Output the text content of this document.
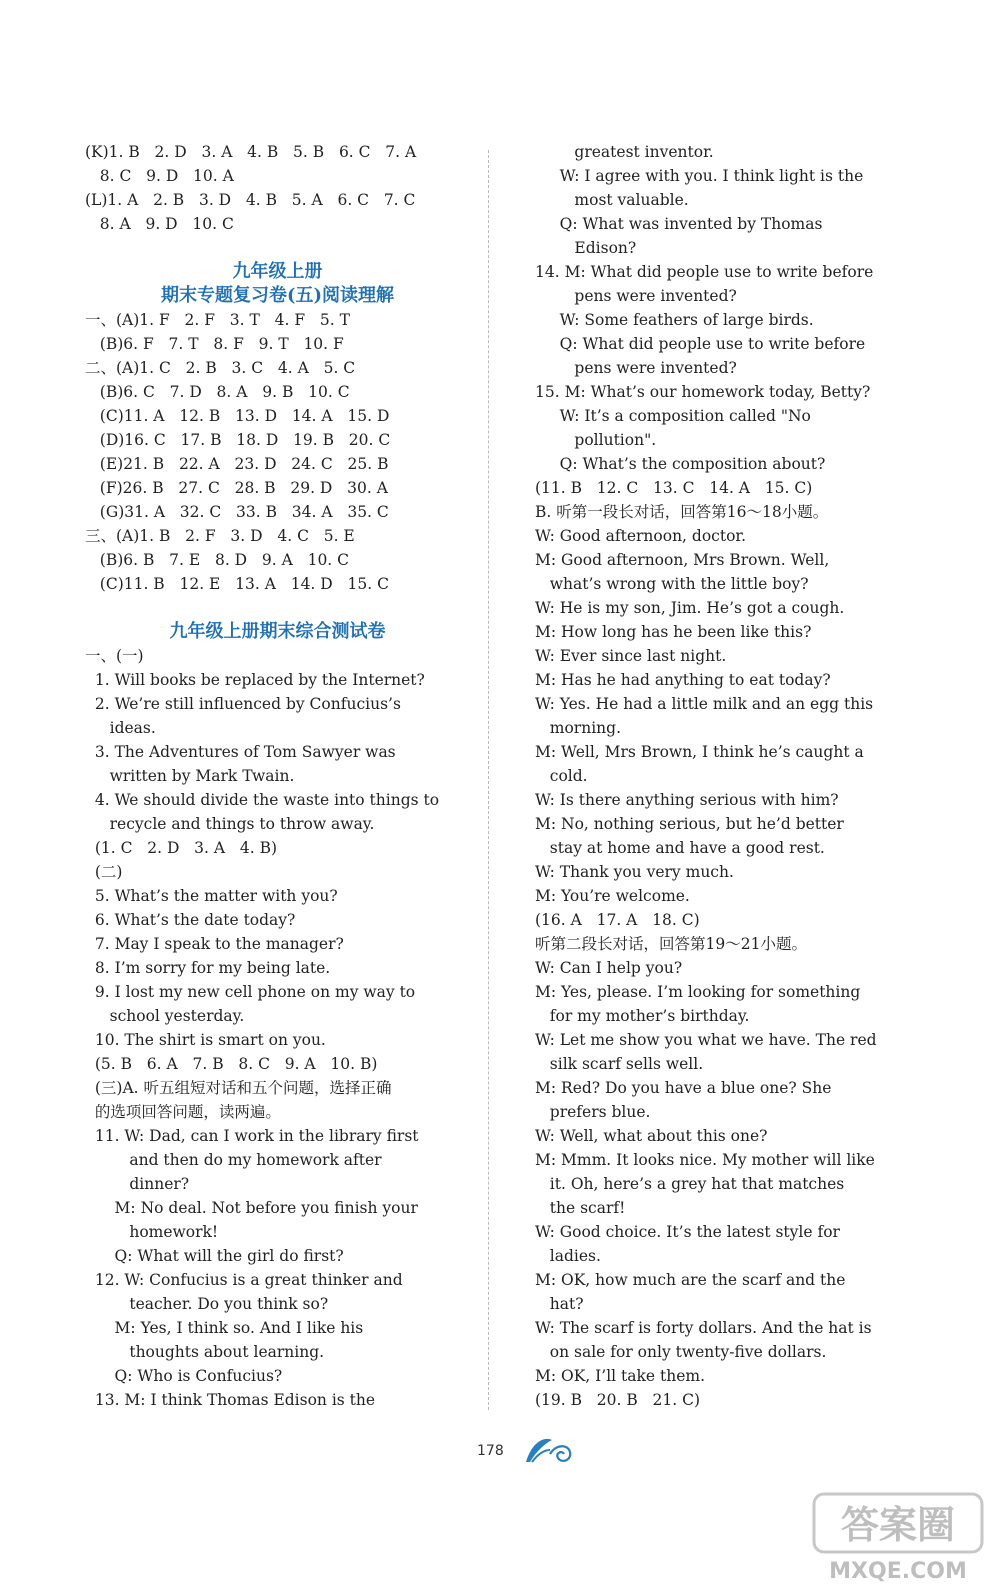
(K)1. B   2. D   3. A   4. B   5. B   6. C   7. A
8. C   9. D   10. A
(L)1. A   2. B   3. D   4. B   5. A   6. C   7. C
8. A   9. D   10. C
九年级上册
期末专题复习卷(五)阅读理解
一、(A)1. F   2. F   3. T   4. F   5. T
(B)6. F   7. T   8. F   9. T   10. F
二、(A)1. C   2. B   3. C   4. A   5. C
(B)6. C   7. D   8. A   9. B   10. C
(C)11. A   12. B   13. D   14. A   15. D
(D)16. C   17. B   18. D   19. B   20. C
(E)21. B   22. A   23. D   24. C   25. B
(F)26. B   27. C   28. B   29. D   30. A
(G)31. A   32. C   33. B   34. A   35. C
三、(A)1. B   2. F   3. D   4. C   5. E
(B)6. B   7. E   8. D   9. A   10. C
(C)11. B   12. E   13. A   14. D   15. C
九年级上册期末综合测试卷
一、(一)
1. Will books be replaced by the Internet?
2. We’re still influenced by Confucius’s
ideas.
3. The Adventures of Tom Sawyer was
written by Mark Twain.
4. We should divide the waste into things to
recycle and things to throw away.
(1. C   2. D   3. A   4. B)
(二)
5. What’s the matter with you?
6. What’s the date today?
7. May I speak to the manager?
8. I’m sorry for my being late.
9. I lost my new cell phone on my way to
school yesterday.
10. The shirt is smart on you.
(5. B   6. A   7. B   8. C   9. A   10. B)
(三)A. 听五组短对话和五个问题，选择正确
的选项回答问题，读两遍。
11. W: Dad, can I work in the library first
and then do my homework after
dinner?
M: No deal. Not before you finish your
homework!
Q: What will the girl do first?
12. W: Confucius is a great thinker and
teacher. Do you think so?
M: Yes, I think so. And I like his
thoughts about learning.
Q: Who is Confucius?
13. M: I think Thomas Edison is the
greatest inventor.
W: I agree with you. I think light is the
most valuable.
Q: What was invented by Thomas
Edison?
14. M: What did people use to write before
pens were invented?
W: Some feathers of large birds.
Q: What did people use to write before
pens were invented?
15. M: What’s our homework today, Betty?
W: It’s a composition called "No
pollution".
Q: What’s the composition about?
(11. B   12. C   13. C   14. A   15. C)
B. 听第一段长对话，回答第16～18小题。
W: Good afternoon, doctor.
M: Good afternoon, Mrs Brown. Well,
what’s wrong with the little boy?
W: He is my son, Jim. He’s got a cough.
M: How long has he been like this?
W: Ever since last night.
M: Has he had anything to eat today?
W: Yes. He had a little milk and an egg this
morning.
M: Well, Mrs Brown, I think he’s caught a
cold.
W: Is there anything serious with him?
M: No, nothing serious, but he’d better
stay at home and have a good rest.
W: Thank you very much.
M: You’re welcome.
(16. A   17. A   18. C)
听第二段长对话，回答第19～21小题。
W: Can I help you?
M: Yes, please. I’m looking for something
for my mother’s birthday.
W: Let me show you what we have. The red
silk scarf sells well.
M: Red? Do you have a blue one? She
prefers blue.
W: Well, what about this one?
M: Mmm. It looks nice. My mother will like
it. Oh, here’s a grey hat that matches
the scarf!
W: Good choice. It’s the latest style for
ladies.
M: OK, how much are the scarf and the
hat?
W: The scarf is forty dollars. And the hat is
on sale for only twenty-five dollars.
M: OK, I’ll take them.
(19. B   20. B   21. C)
178
答案圈
MXQE.COM
